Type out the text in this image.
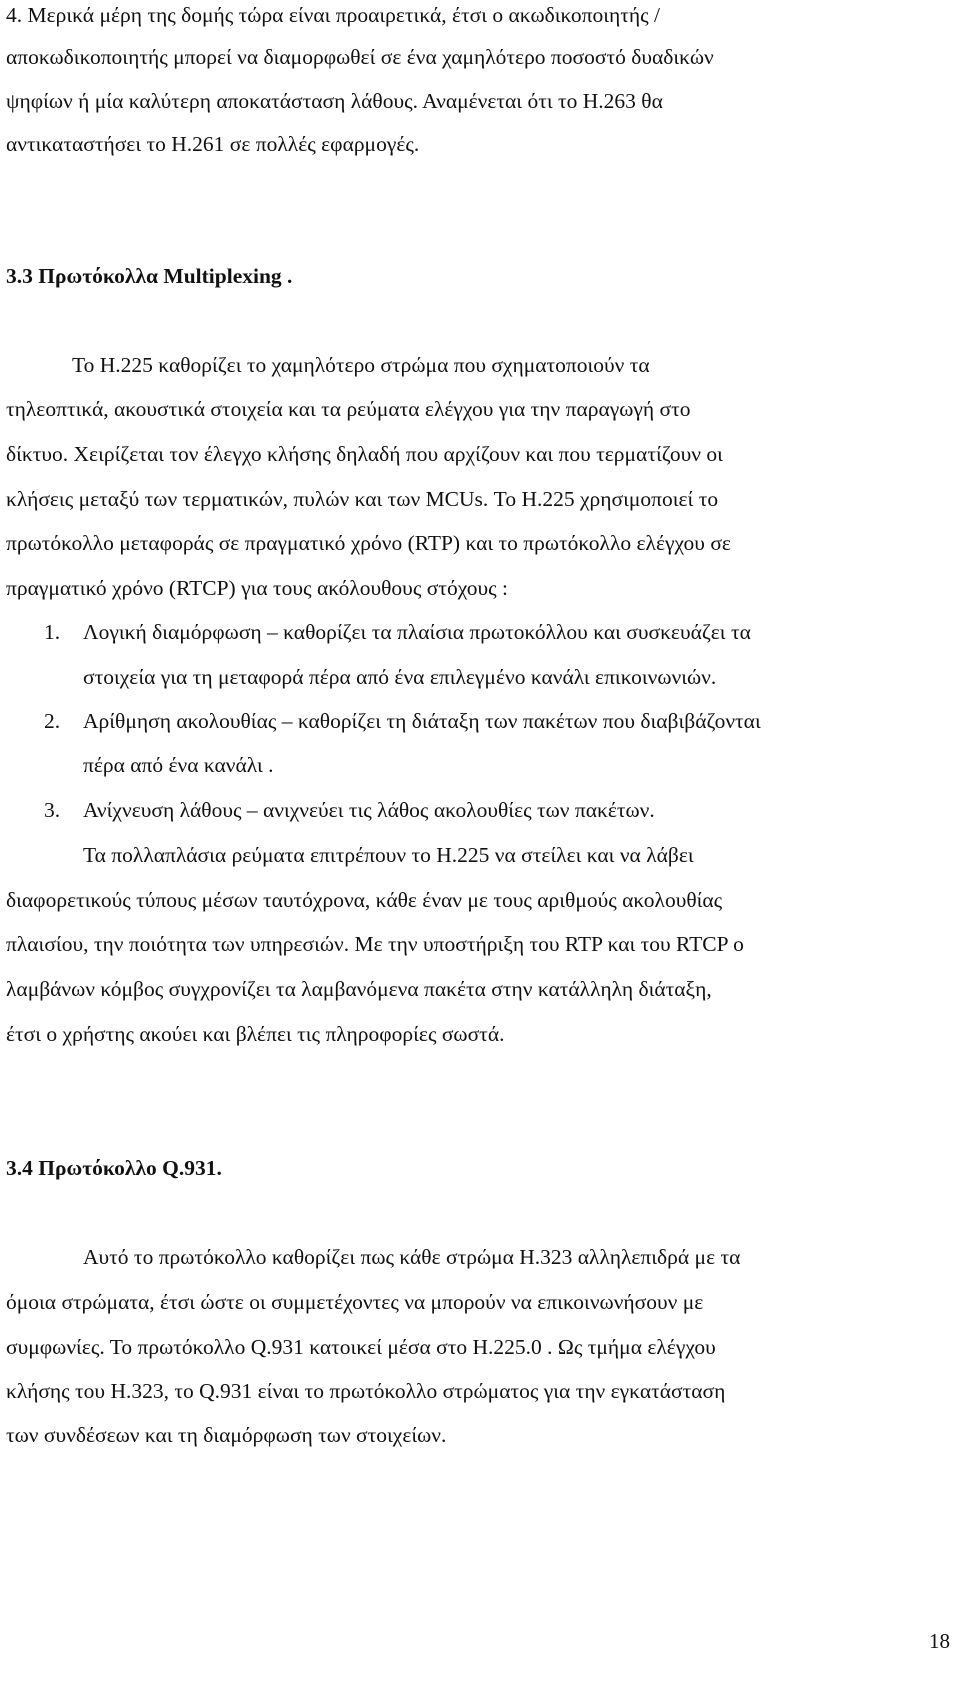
4. Μερικά μέρη της δομής τώρα είναι προαιρετικά, έτσι ο ακωδικοποιητής /
αποκωδικοποιητής μπορεί να διαμορφωθεί σε ένα χαμηλότερο ποσοστό δυαδικών
ψηφίων ή μία καλύτερη αποκατάσταση λάθους. Αναμένεται ότι το H.263 θα
αντικαταστήσει το H.261 σε πολλές εφαρμογές.
3.3 Πρωτόκολλα Multiplexing .
Το H.225 καθορίζει το χαμηλότερο στρώμα που σχηματοποιούν τα
τηλεοπτικά, ακουστικά στοιχεία και τα ρεύματα ελέγχου για την παραγωγή στο
δίκτυο. Χειρίζεται τον έλεγχο κλήσης δηλαδή που αρχίζουν και που τερματίζουν οι
κλήσεις μεταξύ των τερματικών, πυλών και των MCUs. Το H.225 χρησιμοποιεί το
πρωτόκολλο μεταφοράς σε πραγματικό χρόνο (RTP) και το πρωτόκολλο ελέγχου σε
πραγματικό χρόνο (RTCP) για τους ακόλουθους στόχους :
1. Λογική διαμόρφωση – καθορίζει τα πλαίσια πρωτοκόλλου και συσκευάζει τα
στοιχεία για τη μεταφορά πέρα από ένα επιλεγμένο κανάλι επικοινωνιών.
2. Αρίθμηση ακολουθίας – καθορίζει τη διάταξη των πακέτων που διαβιβάζονται
πέρα από ένα κανάλι .
3. Ανίχνευση λάθους – ανιχνεύει τις λάθος ακολουθίες των πακέτων.
Τα πολλαπλάσια ρεύματα επιτρέπουν το H.225 να στείλει και να λάβει
διαφορετικούς τύπους μέσων ταυτόχρονα, κάθε έναν με τους αριθμούς ακολουθίας
πλαισίου, την ποιότητα των υπηρεσιών. Με την υποστήριξη του RTP και του RTCP ο
λαμβάνων κόμβος συγχρονίζει τα λαμβανόμενα πακέτα στην κατάλληλη διάταξη,
έτσι ο χρήστης ακούει και βλέπει τις πληροφορίες σωστά.
3.4 Πρωτόκολλο Q.931.
Αυτό το πρωτόκολλο καθορίζει πως κάθε στρώμα H.323 αλληλεπιδρά με τα
όμοια στρώματα, έτσι ώστε οι συμμετέχοντες να μπορούν να επικοινωνήσουν με
συμφωνίες. Το πρωτόκολλο Q.931 κατοικεί μέσα στο H.225.0 . Ως τμήμα ελέγχου
κλήσης του H.323, το Q.931 είναι το πρωτόκολλο στρώματος για την εγκατάσταση
των συνδέσεων και τη διαμόρφωση των στοιχείων.
18
